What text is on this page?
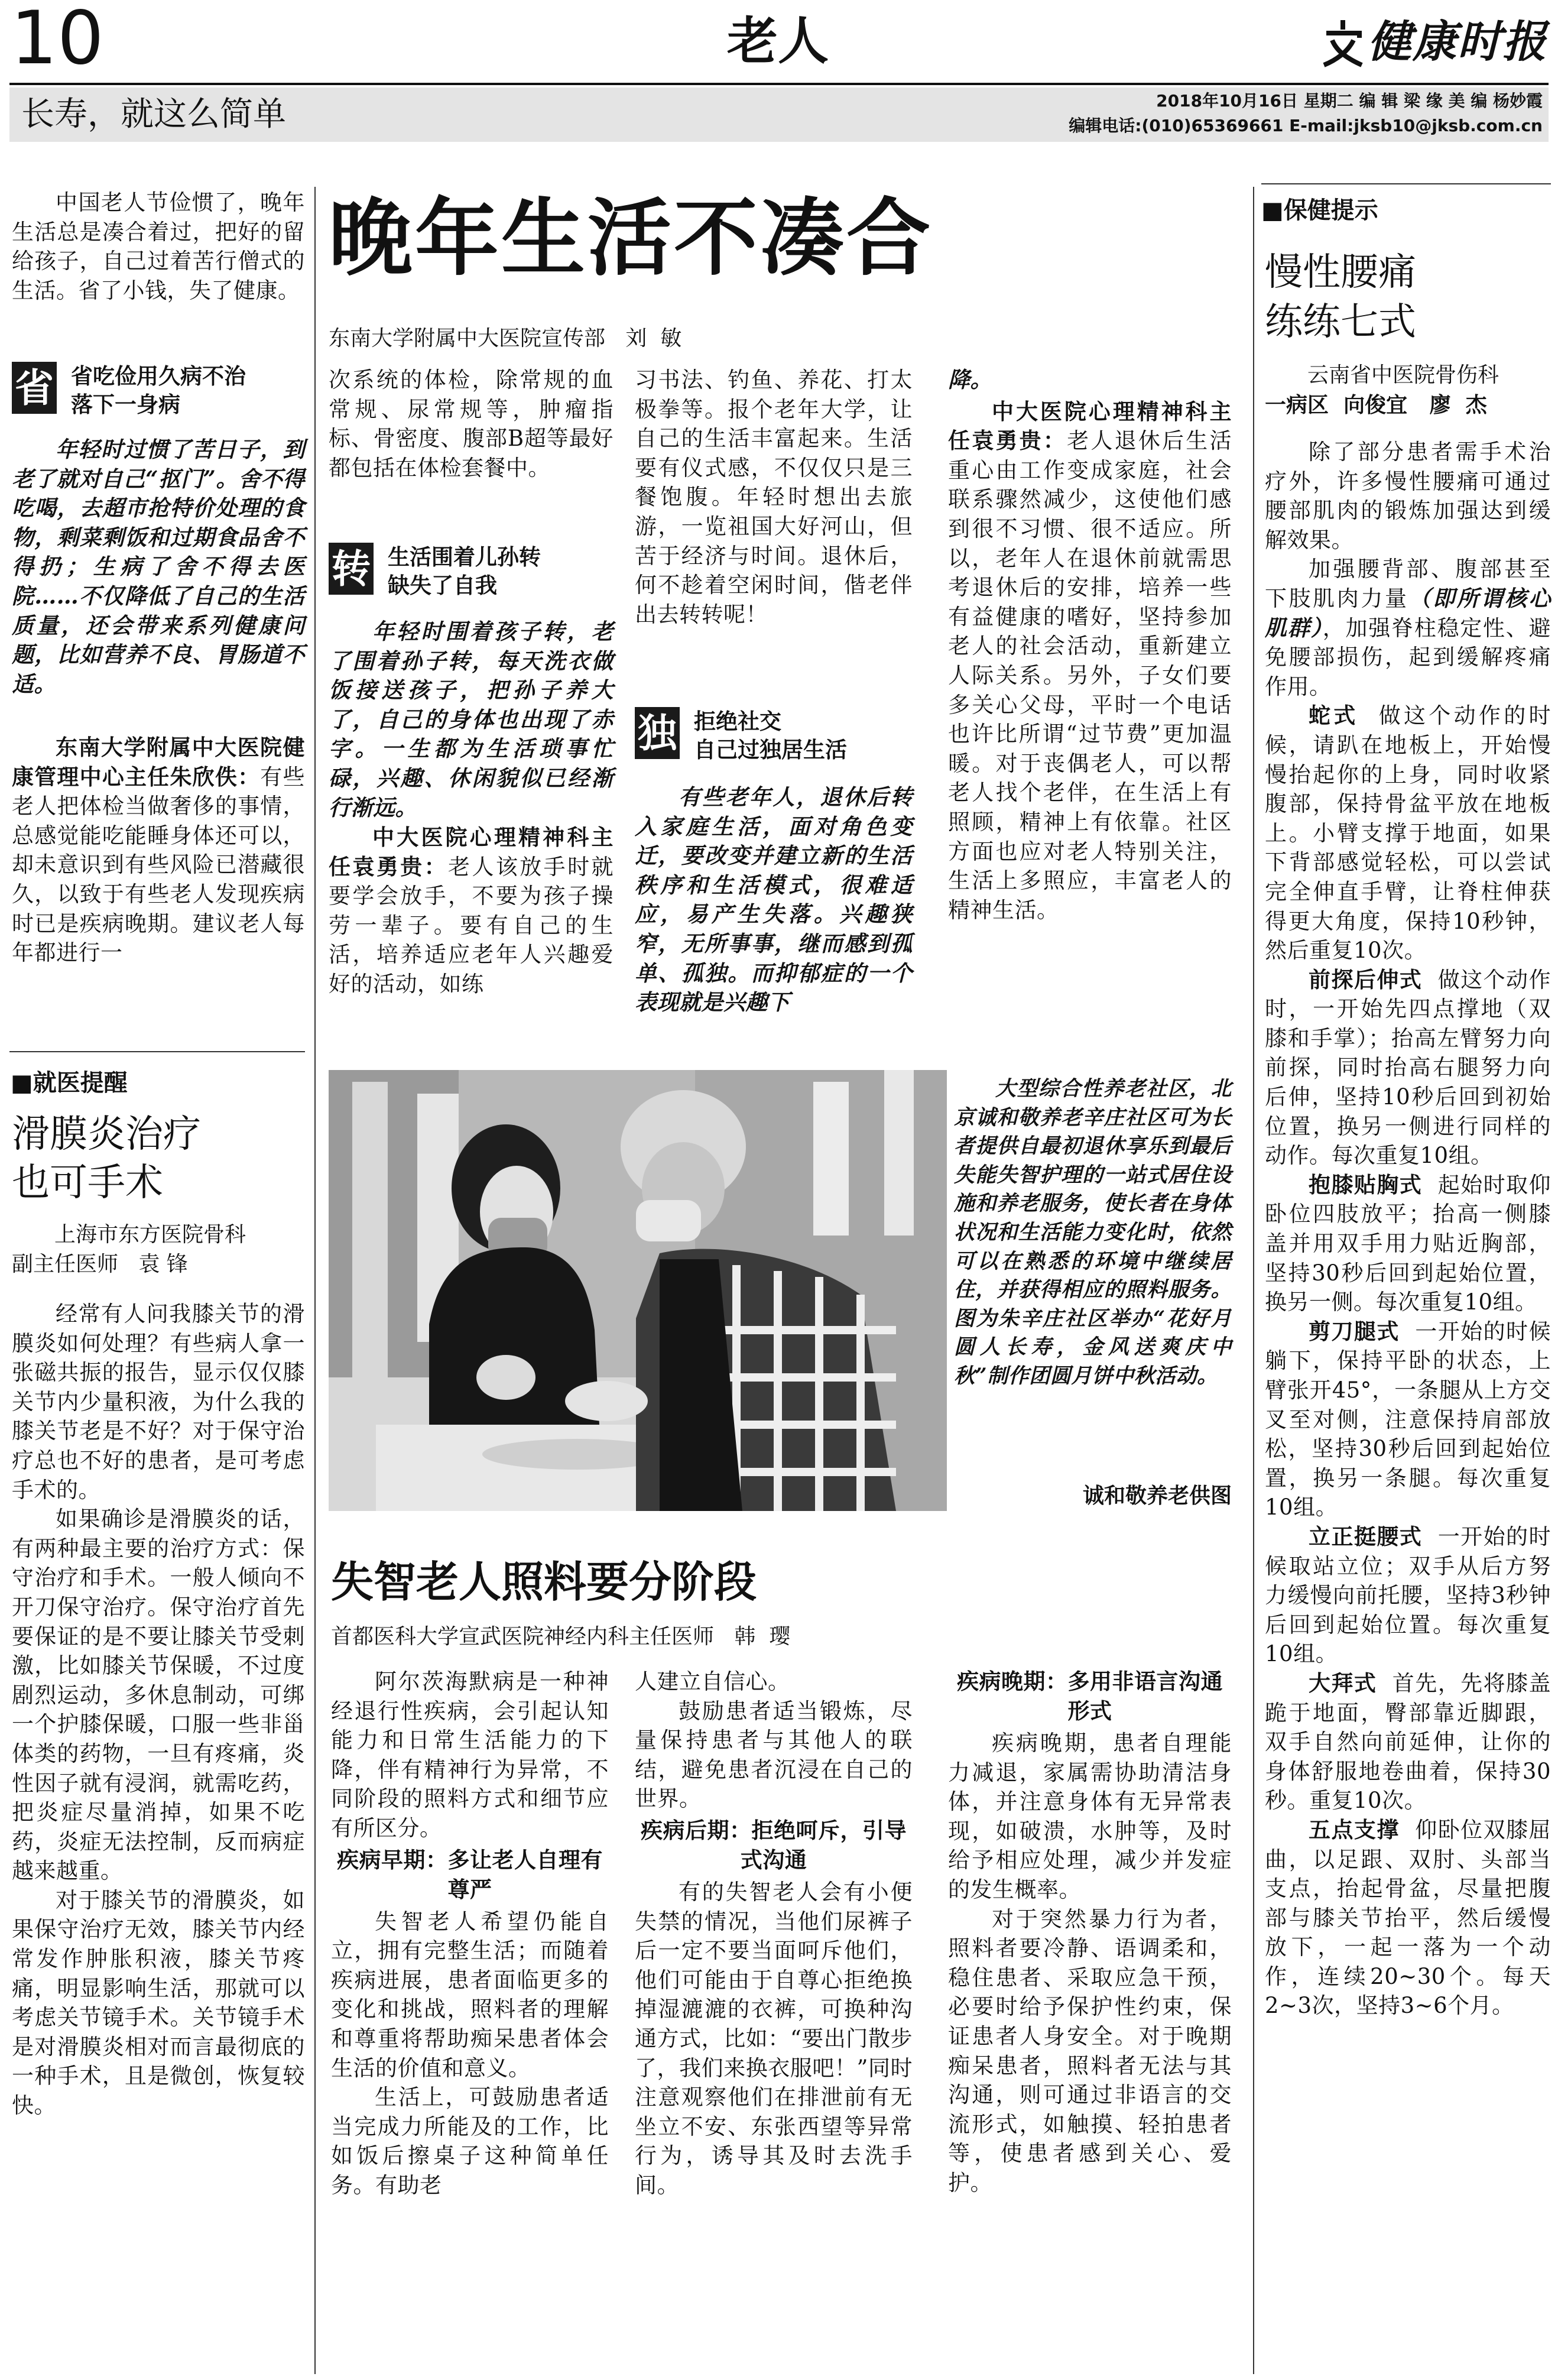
10	老人	健康时报
长寿，就这么简单	2018年10月16日 星期二 编 辑 梁 缘 美 编 杨妙霞
编辑电话:(010)65369661 E-mail:jksb10@jksb.com.cn

中国老人节俭惯了，晚年生活总是凑合着过，把好的留给孩子，自己过着苦行僧式的生活。省了小钱，失了健康。

省 省吃俭用久病不治
落下一身病

年轻时过惯了苦日子，到老了就对自己“抠门”。舍不得吃喝，去超市抢特价处理的食物，剩菜剩饭和过期食品舍不得扔；生病了舍不得去医院……不仅降低了自己的生活质量，还会带来系列健康问题，比如营养不良、胃肠道不适。

东南大学附属中大医院健康管理中心主任朱欣佚：有些老人把体检当做奢侈的事情，总感觉能吃能睡身体还可以，却未意识到有些风险已潜藏很久，以致于有些老人发现疾病时已是疾病晚期。建议老人每年都进行一

晚年生活不凑合
东南大学附属中大医院宣传部   刘  敏

次系统的体检，除常规的血常规、尿常规等，肿瘤指标、骨密度、腹部B超等最好都包括在体检套餐中。

转 生活围着儿孙转
缺失了自我

年轻时围着孩子转，老了围着孙子转，每天洗衣做饭接送孩子，把孙子养大了，自己的身体也出现了赤字。一生都为生活琐事忙碌，兴趣、休闲貌似已经渐行渐远。

中大医院心理精神科主任袁勇贵：老人该放手时就要学会放手，不要为孩子操劳一辈子。要有自己的生活，培养适应老年人兴趣爱好的活动，如练

习书法、钓鱼、养花、打太极拳等。报个老年大学，让自己的生活丰富起来。生活要有仪式感，不仅仅只是三餐饱腹。年轻时想出去旅游，一览祖国大好河山，但苦于经济与时间。退休后，何不趁着空闲时间，偕老伴出去转转呢！

独 拒绝社交
自己过独居生活

有些老年人，退休后转入家庭生活，面对角色变迁，要改变并建立新的生活秩序和生活模式，很难适应，易产生失落。兴趣狭窄，无所事事，继而感到孤单、孤独。而抑郁症的一个表现就是兴趣下

降。

中大医院心理精神科主任袁勇贵：老人退休后生活重心由工作变成家庭，社会联系骤然减少，这使他们感到很不习惯、很不适应。所以，老年人在退休前就需思考退休后的安排，培养一些有益健康的嗜好，坚持参加老人的社会活动，重新建立人际关系。另外，子女们要多关心父母，平时一个电话也许比所谓“过节费”更加温暖。对于丧偶老人，可以帮老人找个老伴，在生活上有照顾，精神上有依靠。社区方面也应对老人特别关注，生活上多照应，丰富老人的精神生活。

大型综合性养老社区，北京诚和敬养老辛庄社区可为长者提供自最初退休享乐到最后失能失智护理的一站式居住设施和养老服务，使长者在身体状况和生活能力变化时，依然可以在熟悉的环境中继续居住，并获得相应的照料服务。图为朱辛庄社区举办“花好月圆人长寿，金风送爽庆中秋”制作团圆月饼中秋活动。

诚和敬养老供图
■就医提醒
滑膜炎治疗
也可手术
上海市东方医院骨科
副主任医师   袁 锋

经常有人问我膝关节的滑膜炎如何处理？有些病人拿一张磁共振的报告，显示仅仅膝关节内少量积液，为什么我的膝关节老是不好？对于保守治疗总也不好的患者，是可考虑手术的。

如果确诊是滑膜炎的话，有两种最主要的治疗方式：保守治疗和手术。一般人倾向不开刀保守治疗。保守治疗首先要保证的是不要让膝关节受刺激，比如膝关节保暖，不过度剧烈运动，多休息制动，可绑一个护膝保暖，口服一些非甾体类的药物，一旦有疼痛，炎性因子就有浸润，就需吃药，把炎症尽量消掉，如果不吃药，炎症无法控制，反而病症越来越重。

对于膝关节的滑膜炎，如果保守治疗无效，膝关节内经常发作肿胀积液，膝关节疼痛，明显影响生活，那就可以考虑关节镜手术。关节镜手术是对滑膜炎相对而言最彻底的一种手术，且是微创，恢复较快。

失智老人照料要分阶段
首都医科大学宣武医院神经内科主任医师   韩  璎

阿尔茨海默病是一种神经退行性疾病，会引起认知能力和日常生活能力的下降，伴有精神行为异常，不同阶段的照料方式和细节应有所区分。

疾病早期：多让老人自理有尊严

失智老人希望仍能自立，拥有完整生活；而随着疾病进展，患者面临更多的变化和挑战，照料者的理解和尊重将帮助痴呆患者体会生活的价值和意义。

生活上，可鼓励患者适当完成力所能及的工作，比如饭后擦桌子这种简单任务。有助老

人建立自信心。

鼓励患者适当锻炼，尽量保持患者与其他人的联结，避免患者沉浸在自己的世界。

疾病后期：拒绝呵斥，引导式沟通

有的失智老人会有小便失禁的情况，当他们尿裤子后一定不要当面呵斥他们，他们可能由于自尊心拒绝换掉湿漉漉的衣裤，可换种沟通方式，比如：“要出门散步了，我们来换衣服吧！”同时注意观察他们在排泄前有无坐立不安、东张西望等异常行为，诱导其及时去洗手间。

疾病晚期：多用非语言沟通形式

疾病晚期，患者自理能力减退，家属需协助清洁身体，并注意身体有无异常表现，如破溃，水肿等，及时给予相应处理，减少并发症的发生概率。

对于突然暴力行为者，照料者要冷静、语调柔和，稳住患者、采取应急干预，必要时给予保护性约束，保证患者人身安全。对于晚期痴呆患者，照料者无法与其沟通，则可通过非语言的交流形式，如触摸、轻拍患者等，使患者感到关心、爱护。

■保健提示
慢性腰痛
练练七式
云南省中医院骨伤科
一病区  向俊宜   廖  杰

除了部分患者需手术治疗外，许多慢性腰痛可通过腰部肌肉的锻炼加强达到缓解效果。

加强腰背部、腹部甚至下肢肌肉力量（即所谓核心肌群），加强脊柱稳定性、避免腰部损伤，起到缓解疼痛作用。

蛇式 做这个动作的时候，请趴在地板上，开始慢慢抬起你的上身，同时收紧腹部，保持骨盆平放在地板上。小臂支撑于地面，如果下背部感觉轻松，可以尝试完全伸直手臂，让脊柱伸获得更大角度，保持10秒钟，然后重复10次。

前探后伸式 做这个动作时，一开始先四点撑地（双膝和手掌）；抬高左臂努力向前探，同时抬高右腿努力向后伸，坚持10秒后回到初始位置，换另一侧进行同样的动作。每次重复10组。

抱膝贴胸式 起始时取仰卧位四肢放平；抬高一侧膝盖并用双手用力贴近胸部，坚持30秒后回到起始位置，换另一侧。每次重复10组。

剪刀腿式 一开始的时候躺下，保持平卧的状态，上臂张开45°，一条腿从上方交叉至对侧，注意保持肩部放松，坚持30秒后回到起始位置，换另一条腿。每次重复10组。

立正挺腰式 一开始的时候取站立位；双手从后方努力缓慢向前托腰，坚持3秒钟后回到起始位置。每次重复10组。

大拜式 首先，先将膝盖跪于地面，臀部靠近脚跟，双手自然向前延伸，让你的身体舒服地卷曲着，保持30秒。重复10次。

五点支撑 仰卧位双膝屈曲，以足跟、双肘、头部当支点，抬起骨盆，尽量把腹部与膝关节抬平，然后缓慢放下，一起一落为一个动作，连续20~30个。每天2~3次，坚持3~6个月。
